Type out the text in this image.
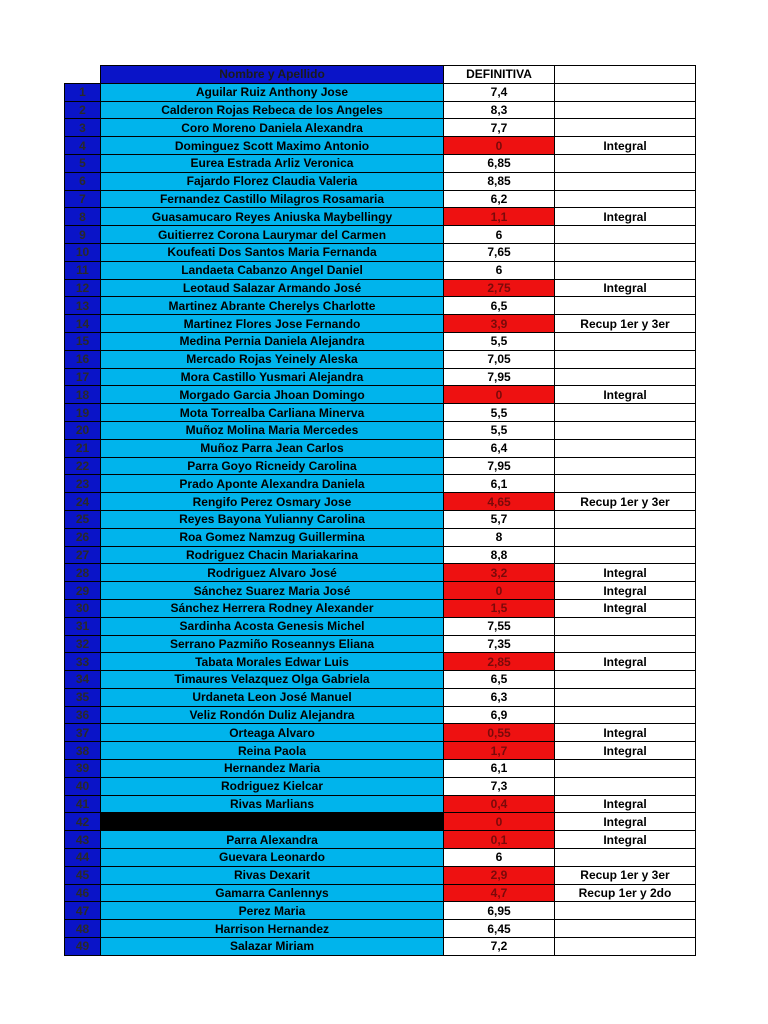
	Nombre y Apellido	DEFINITIVA	
1	Aguilar Ruiz Anthony Jose	7,4	
2	Calderon Rojas Rebeca de los Angeles	8,3	
3	Coro Moreno Daniela Alexandra	7,7	
4	Dominguez Scott Maximo Antonio	0	Integral
5	Eurea Estrada Arliz Veronica	6,85	
6	Fajardo Florez Claudia Valeria	8,85	
7	Fernandez Castillo Milagros Rosamaria	6,2	
8	Guasamucaro Reyes Aniuska Maybellingy	1,1	Integral
9	Guitierrez Corona Laurymar del Carmen	6	
10	Koufeati Dos Santos Maria Fernanda	7,65	
11	Landaeta Cabanzo Angel Daniel	6	
12	Leotaud Salazar Armando José	2,75	Integral
13	Martinez Abrante Cherelys Charlotte	6,5	
14	Martinez Flores Jose Fernando	3,9	Recup 1er y 3er
15	Medina Pernia Daniela Alejandra	5,5	
16	Mercado Rojas Yeinely Aleska	7,05	
17	Mora Castillo Yusmari Alejandra	7,95	
18	Morgado Garcia Jhoan Domingo	0	Integral
19	Mota Torrealba Carliana Minerva	5,5	
20	Muñoz Molina Maria Mercedes	5,5	
21	Muñoz Parra Jean Carlos	6,4	
22	Parra Goyo Ricneidy Carolina	7,95	
23	Prado Aponte Alexandra Daniela	6,1	
24	Rengifo Perez Osmary Jose	4,65	Recup 1er y 3er
25	Reyes Bayona Yulianny Carolina	5,7	
26	Roa Gomez Namzug Guillermina	8	
27	Rodriguez Chacin Mariakarina	8,8	
28	Rodriguez Alvaro José	3,2	Integral
29	Sánchez Suarez Maria José	0	Integral
30	Sánchez Herrera Rodney Alexander	1,5	Integral
31	Sardinha Acosta Genesis Michel	7,55	
32	Serrano Pazmiño Roseannys Eliana	7,35	
33	Tabata Morales Edwar Luis	2,85	Integral
34	Timaures Velazquez Olga Gabriela	6,5	
35	Urdaneta Leon José Manuel	6,3	
36	Veliz Rondón Duliz Alejandra	6,9	
37	Orteaga Alvaro	0,55	Integral
38	Reina Paola	1,7	Integral
39	Hernandez Maria	6,1	
40	Rodriguez Kielcar	7,3	
41	Rivas Marlians	0,4	Integral
42		0	Integral
43	Parra Alexandra	0,1	Integral
44	Guevara Leonardo	6	
45	Rivas Dexarit	2,9	Recup 1er y 3er
46	Gamarra Canlennys	4,7	Recup 1er y 2do
47	Perez Maria	6,95	
48	Harrison Hernandez	6,45	
49	Salazar Miriam	7,2	
